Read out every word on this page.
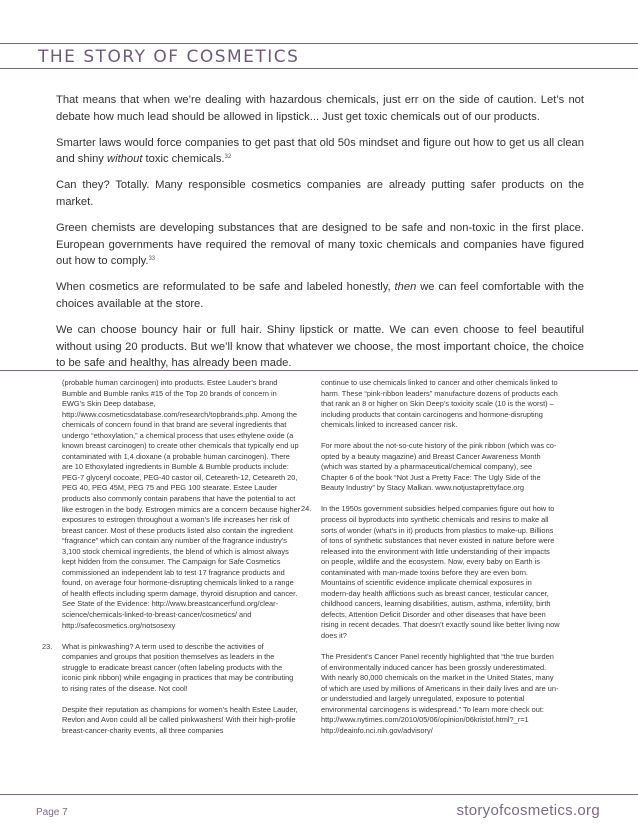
THE STORY OF COSMETICS

That means that when we’re dealing with hazardous chemicals, just err on the side of caution. Let’s not debate how much lead should be allowed in lipstick... Just get toxic chemicals out of our products.

Smarter laws would force companies to get past that old 50s mindset and figure out how to get us all clean and shiny without toxic chemicals.$^{32}$

Can they? Totally. Many responsible cosmetics companies are already putting safer products on the market.

Green chemists are developing substances that are designed to be safe and non-toxic in the first place. European governments have required the removal of many toxic chemicals and companies have figured out how to comply.$^{33}$

When cosmetics are reformulated to be safe and labeled honestly, then we can feel comfortable with the choices available at the store.

We can choose bouncy hair or full hair. Shiny lipstick or matte. We can even choose to feel beautiful without using 20 products. But we’ll know that whatever we choose, the most important choice, the choice to be safe and healthy, has already been made.

(probable human carcinogen) into products. Estee Lauder’s brand Bumble and Bumble ranks #15 of the Top 20 brands of concern in EWG’s Skin Deep database, http://www.cosmeticsdatabase.com/research/topbrands.php. Among the chemicals of concern found in that brand are several ingredients that undergo “ethoxylation,” a chemical process that uses ethylene oxide (a known breast carcinogen) to create other chemicals that typically end up contaminated with 1,4 dioxane (a probable human carcinogen). There are 10 Ethoxylated ingredients in Bumble & Bumble products include: PEG-7 glyceryl cocoate, PEG-40 castor oil, Ceteareth-12, Ceteareth 20, PEG 40, PEG 45M, PEG 75 and PEG 100 stearate. Estee Lauder products also commonly contain parabens that have the potential to act like estrogen in the body. Estrogen mimics are a concern because higher exposures to estrogen throughout a woman’s life increases her risk of breast cancer. Most of these products listed also contain the ingredient “fragrance” which can contain any number of the fragrance industry’s 3,100 stock chemical ingredients, the blend of which is almost always kept hidden from the consumer. The Campaign for Safe Cosmetics commissioned an independent lab to test 17 fragrance products and found, on average four hormone-disrupting chemicals linked to a range of health effects including sperm damage, thyroid disruption and cancer. See State of the Evidence: http://www.breastcancerfund.org/clear-science/chemicals-linked-to-breast-cancer/cosmetics/ and http://safecosmetics.org/notsosexy

23.	What is pinkwashing? A term used to describe the activities of companies and groups that position themselves as leaders in the struggle to eradicate breast cancer (often labeling products with the iconic pink ribbon) while engaging in practices that may be contributing to rising rates of the disease. Not cool!

Despite their reputation as champions for women’s health Estee Lauder, Revlon and Avon could all be called pinkwashers! With their high-profile breast-cancer-charity events, all three companies

continue to use chemicals linked to cancer and other chemicals linked to harm. These “pink-ribbon leaders” manufacture dozens of products each that rank an 8 or higher on Skin Deep’s toxicity scale (10 is the worst) – including products that contain carcinogens and hormone-disrupting chemicals linked to increased cancer risk.

For more about the not-so-cute history of the pink ribbon (which was co-opted by a beauty magazine) and Breast Cancer Awareness Month (which was started by a pharmaceutical/chemical company), see Chapter 6 of the book “Not Just a Pretty Face: The Ugly Side of the Beauty Industry” by Stacy Malkan. www.notjustaprettyface.org

24.	In the 1950s government subsidies helped companies figure out how to process oil byproducts into synthetic chemicals and resins to make all sorts of wonder (what’s in it) products from plastics to make-up. Billions of tons of synthetic substances that never existed in nature before were released into the environment with little understanding of their impacts on people, wildlife and the ecosystem. Now, every baby on Earth is contaminated with man-made toxins before they are even born. Mountains of scientific evidence implicate chemical exposures in modern-day health afflictions such as breast cancer, testicular cancer, childhood cancers, learning disabilities, autism, asthma, infertility, birth defects, Attention Deficit Disorder and other diseases that have been rising in recent decades. That doesn’t exactly sound like better living now does it?

The President’s Cancer Panel recently highlighted that “the true burden of environmentally induced cancer has been grossly underestimated. With nearly 80,000 chemicals on the market in the United States, many of which are used by millions of Americans in their daily lives and are un- or understudied and largely unregulated, exposure to potential environmental carcinogens is widespread.” To learn more check out: http://www.nytimes.com/2010/05/06/opinion/06kristof.html?_r=1 http://deainfo.nci.nih.gov/advisory/

Page 7	storyofcosmetics.org
